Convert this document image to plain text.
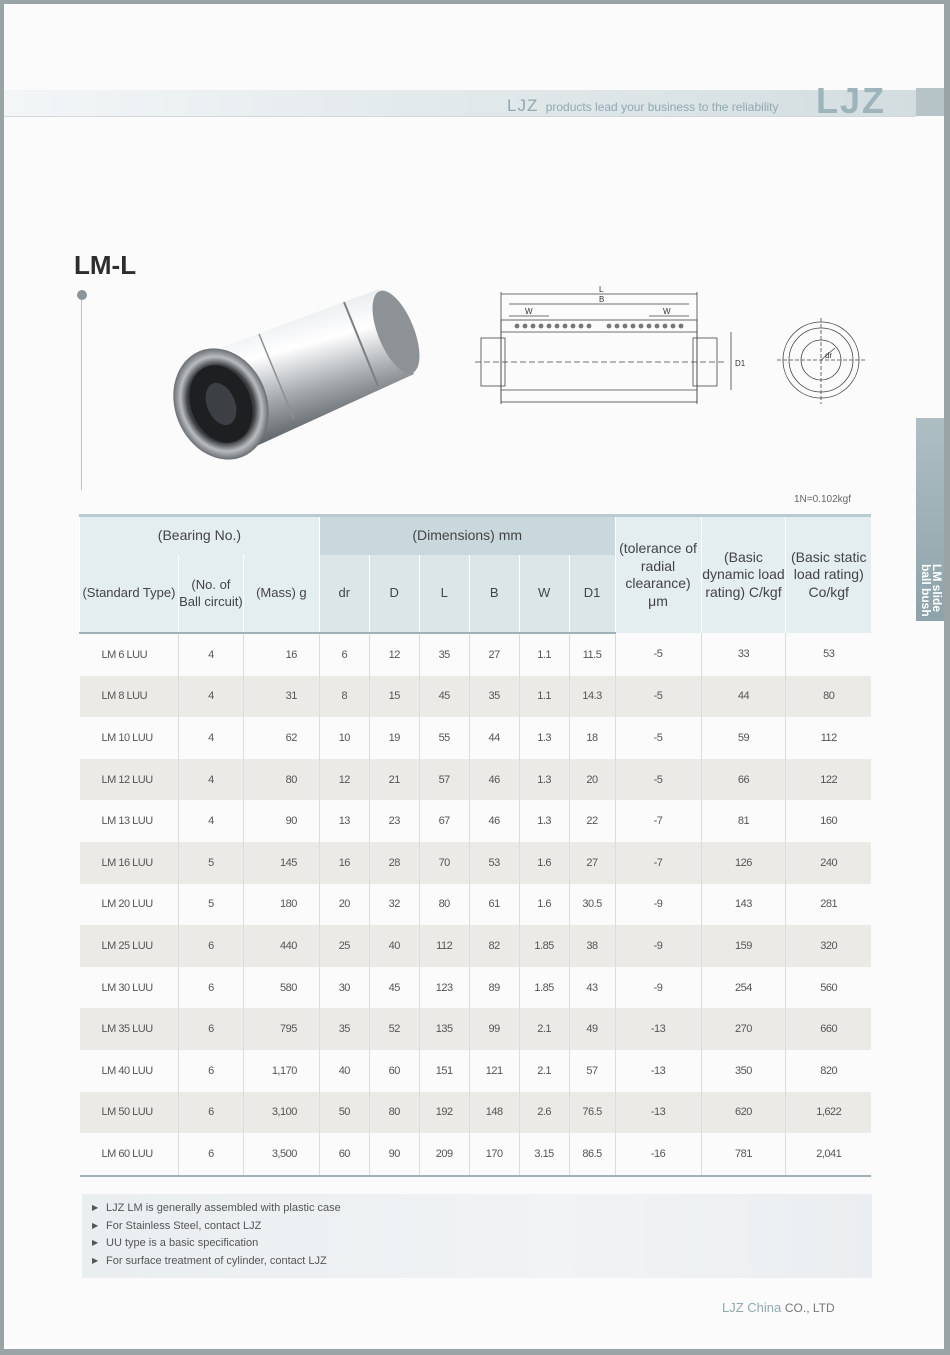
LJZ products lead your business to the reliability LJZ
LM-L
L
B
W	W
D1
dr
LM slide
ball bush
1N=0.102kgf
(Bearing No.)			(Dimensions) mm						(tolerance of radial clearance) μm	(Basic dynamic load rating) C/kgf	(Basic static load rating) Co/kgf
(Standard Type)	(No. of Ball circuit)	(Mass) g	dr	D	L	B	W	D1			
LM 6 LUU	4	16	6	12	35	27	1.1	11.5	-5	33	53
LM 8 LUU	4	31	8	15	45	35	1.1	14.3	-5	44	80
LM 10 LUU	4	62	10	19	55	44	1.3	18	-5	59	112
LM 12 LUU	4	80	12	21	57	46	1.3	20	-5	66	122
LM 13 LUU	4	90	13	23	67	46	1.3	22	-7	81	160
LM 16 LUU	5	145	16	28	70	53	1.6	27	-7	126	240
LM 20 LUU	5	180	20	32	80	61	1.6	30.5	-9	143	281
LM 25 LUU	6	440	25	40	112	82	1.85	38	-9	159	320
LM 30 LUU	6	580	30	45	123	89	1.85	43	-9	254	560
LM 35 LUU	6	795	35	52	135	99	2.1	49	-13	270	660
LM 40 LUU	6	1,170	40	60	151	121	2.1	57	-13	350	820
LM 50 LUU	6	3,100	50	80	192	148	2.6	76.5	-13	620	1,622
LM 60 LUU	6	3,500	60	90	209	170	3.15	86.5	-16	781	2,041
▶ LJZ LM is generally assembled with plastic case
▶ For Stainless Steel, contact LJZ
▶ UU type is a basic specification
▶ For surface treatment of cylinder, contact LJZ
LJZ China CO., LTD
